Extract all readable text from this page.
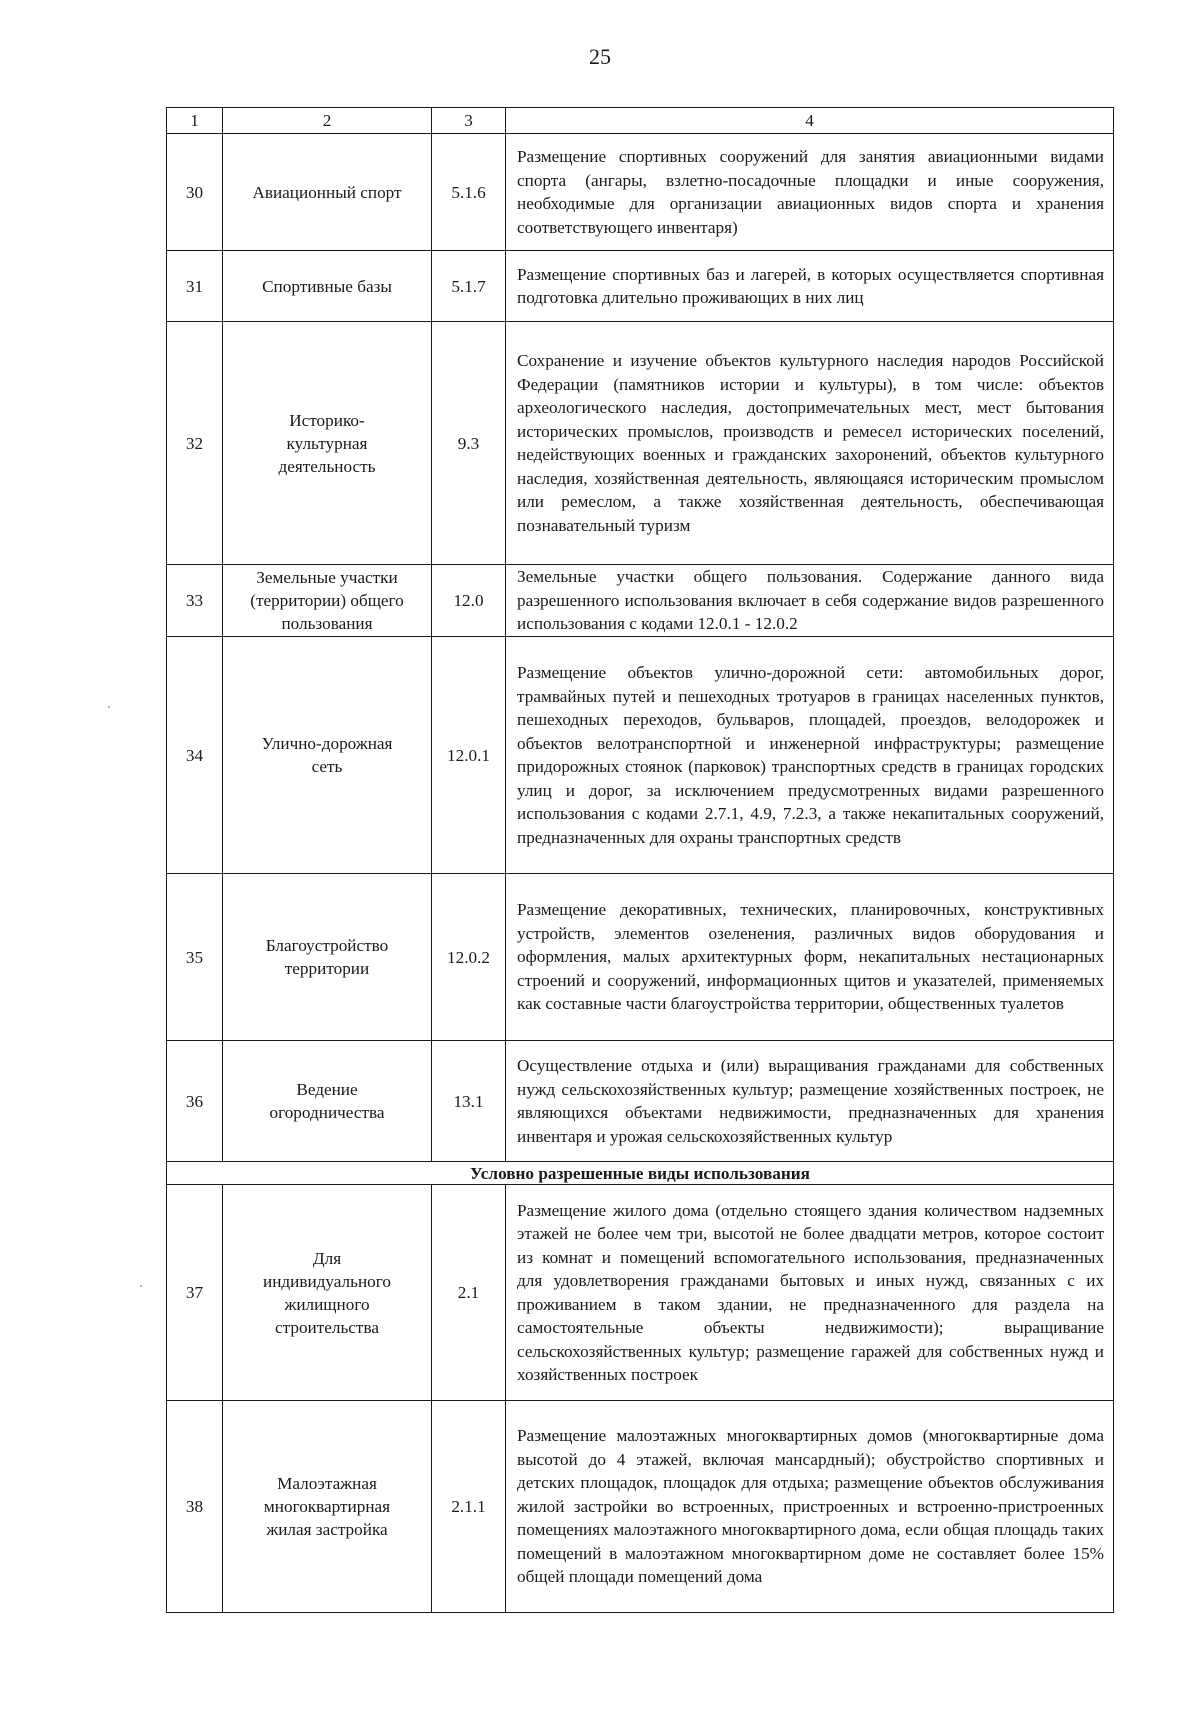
25
1	2	3	4
30	Авиационный спорт	5.1.6	Размещение спортивных сооружений для занятия авиационными видами спорта (ангары, взлетно-посадочные площадки и иные сооружения, необходимые для организации авиационных видов спорта и хранения соответствующего инвентаря)
31	Спортивные базы	5.1.7	Размещение спортивных баз и лагерей, в которых осуществляется спортивная подготовка длительно проживающих в них лиц
32	Историко-культурная деятельность	9.3	Сохранение и изучение объектов культурного наследия народов Российской Федерации (памятников истории и культуры), в том числе: объектов археологического наследия, достопримечательных мест, мест бытования исторических промыслов, производств и ремесел исторических поселений, недействующих военных и гражданских захоронений, объектов культурного наследия, хозяйственная деятельность, являющаяся историческим промыслом или ремеслом, а также хозяйственная деятельность, обеспечивающая познавательный туризм
33	Земельные участки (территории) общего пользования	12.0	Земельные участки общего пользования. Содержание данного вида разрешенного использования включает в себя содержание видов разрешенного использования с кодами 12.0.1 - 12.0.2
34	Улично-дорожная сеть	12.0.1	Размещение объектов улично-дорожной сети: автомобильных дорог, трамвайных путей и пешеходных тротуаров в границах населенных пунктов, пешеходных переходов, бульваров, площадей, проездов, велодорожек и объектов велотранспортной и инженерной инфраструктуры; размещение придорожных стоянок (парковок) транспортных средств в границах городских улиц и дорог, за исключением предусмотренных видами разрешенного использования с кодами 2.7.1, 4.9, 7.2.3, а также некапитальных сооружений, предназначенных для охраны транспортных средств
35	Благоустройство территории	12.0.2	Размещение декоративных, технических, планировочных, конструктивных устройств, элементов озеленения, различных видов оборудования и оформления, малых архитектурных форм, некапитальных нестационарных строений и сооружений, информационных щитов и указателей, применяемых как составные части благоустройства территории, общественных туалетов
36	Ведение огородничества	13.1	Осуществление отдыха и (или) выращивания гражданами для собственных нужд сельскохозяйственных культур; размещение хозяйственных построек, не являющихся объектами недвижимости, предназначенных для хранения инвентаря и урожая сельскохозяйственных культур
Условно разрешенные виды использования			
37	Для индивидуального жилищного строительства	2.1	Размещение жилого дома (отдельно стоящего здания количеством надземных этажей не более чем три, высотой не более двадцати метров, которое состоит из комнат и помещений вспомогательного использования, предназначенных для удовлетворения гражданами бытовых и иных нужд, связанных с их проживанием в таком здании, не предназначенного для раздела на самостоятельные объекты недвижимости); выращивание сельскохозяйственных культур; размещение гаражей для собственных нужд и хозяйственных построек
38	Малоэтажная многоквартирная жилая застройка	2.1.1	Размещение малоэтажных многоквартирных домов (многоквартирные дома высотой до 4 этажей, включая мансардный); обустройство спортивных и детских площадок, площадок для отдыха; размещение объектов обслуживания жилой застройки во встроенных, пристроенных и встроенно-пристроенных помещениях малоэтажного многоквартирного дома, если общая площадь таких помещений в малоэтажном многоквартирном доме не составляет более 15% общей площади помещений дома
